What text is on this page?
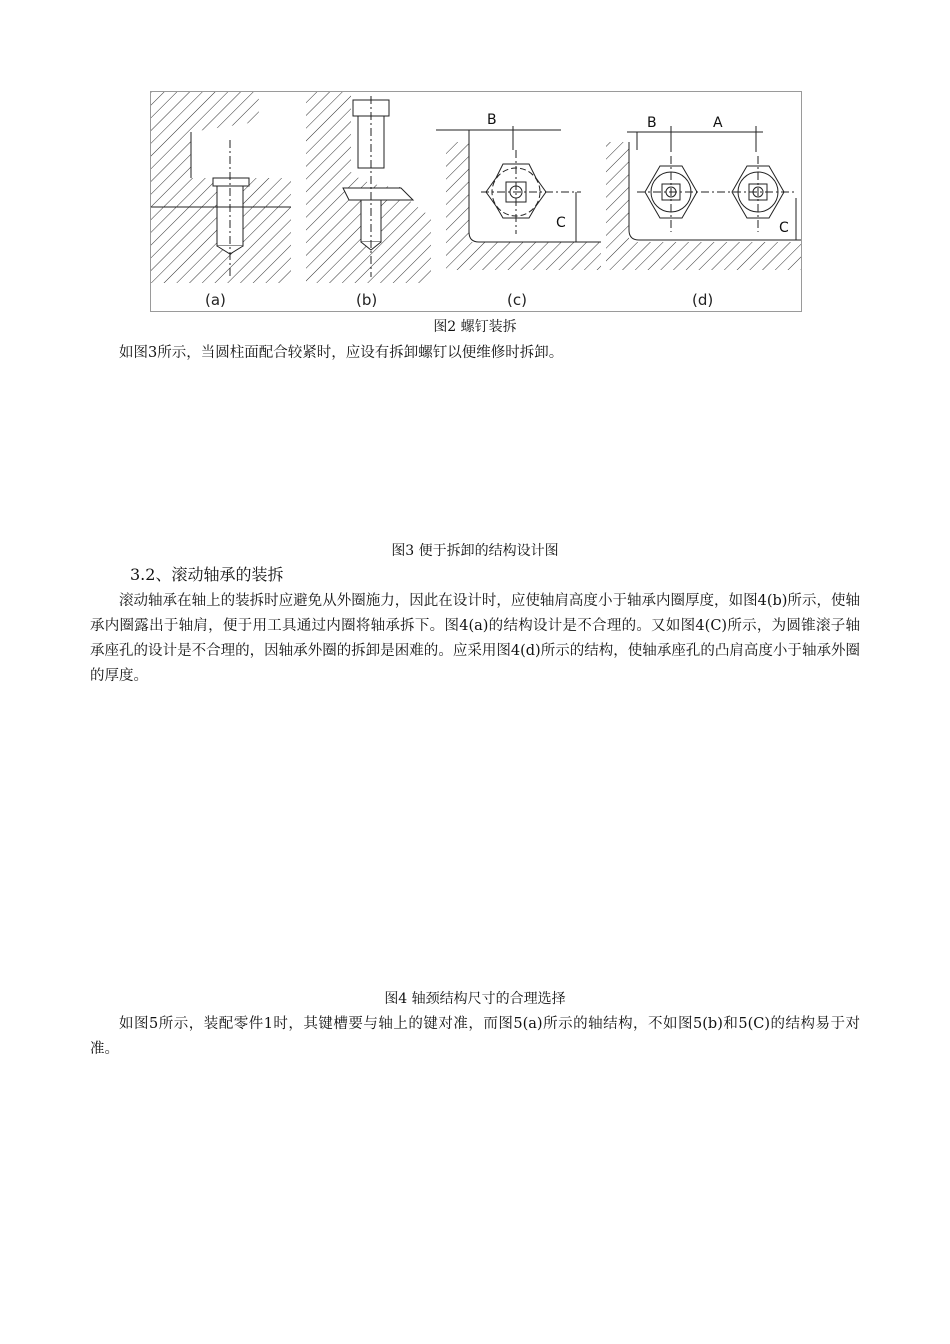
(a)	(b)
B
C
(c)
B	A
C
(d)
图2 螺钉装拆

如图3所示，当圆柱面配合较紧时，应设有拆卸螺钉以便维修时拆卸。

图3 便于拆卸的结构设计图
3.2、滚动轴承的装拆

滚动轴承在轴上的装拆时应避免从外圈施力，因此在设计时，应使轴肩高度小于轴承内圈厚度，如图4(b)所示，使轴承内圈露出于轴肩，便于用工具通过内圈将轴承拆下。图4(a)的结构设计是不合理的。又如图4(C)所示，为圆锥滚子轴承座孔的设计是不合理的，因轴承外圈的拆卸是困难的。应采用图4(d)所示的结构，使轴承座孔的凸肩高度小于轴承外圈的厚度。

图4 轴颈结构尺寸的合理选择

如图5所示，装配零件1时，其键槽要与轴上的键对准，而图5(a)所示的轴结构，不如图5(b)和5(C)的结构易于对准。
